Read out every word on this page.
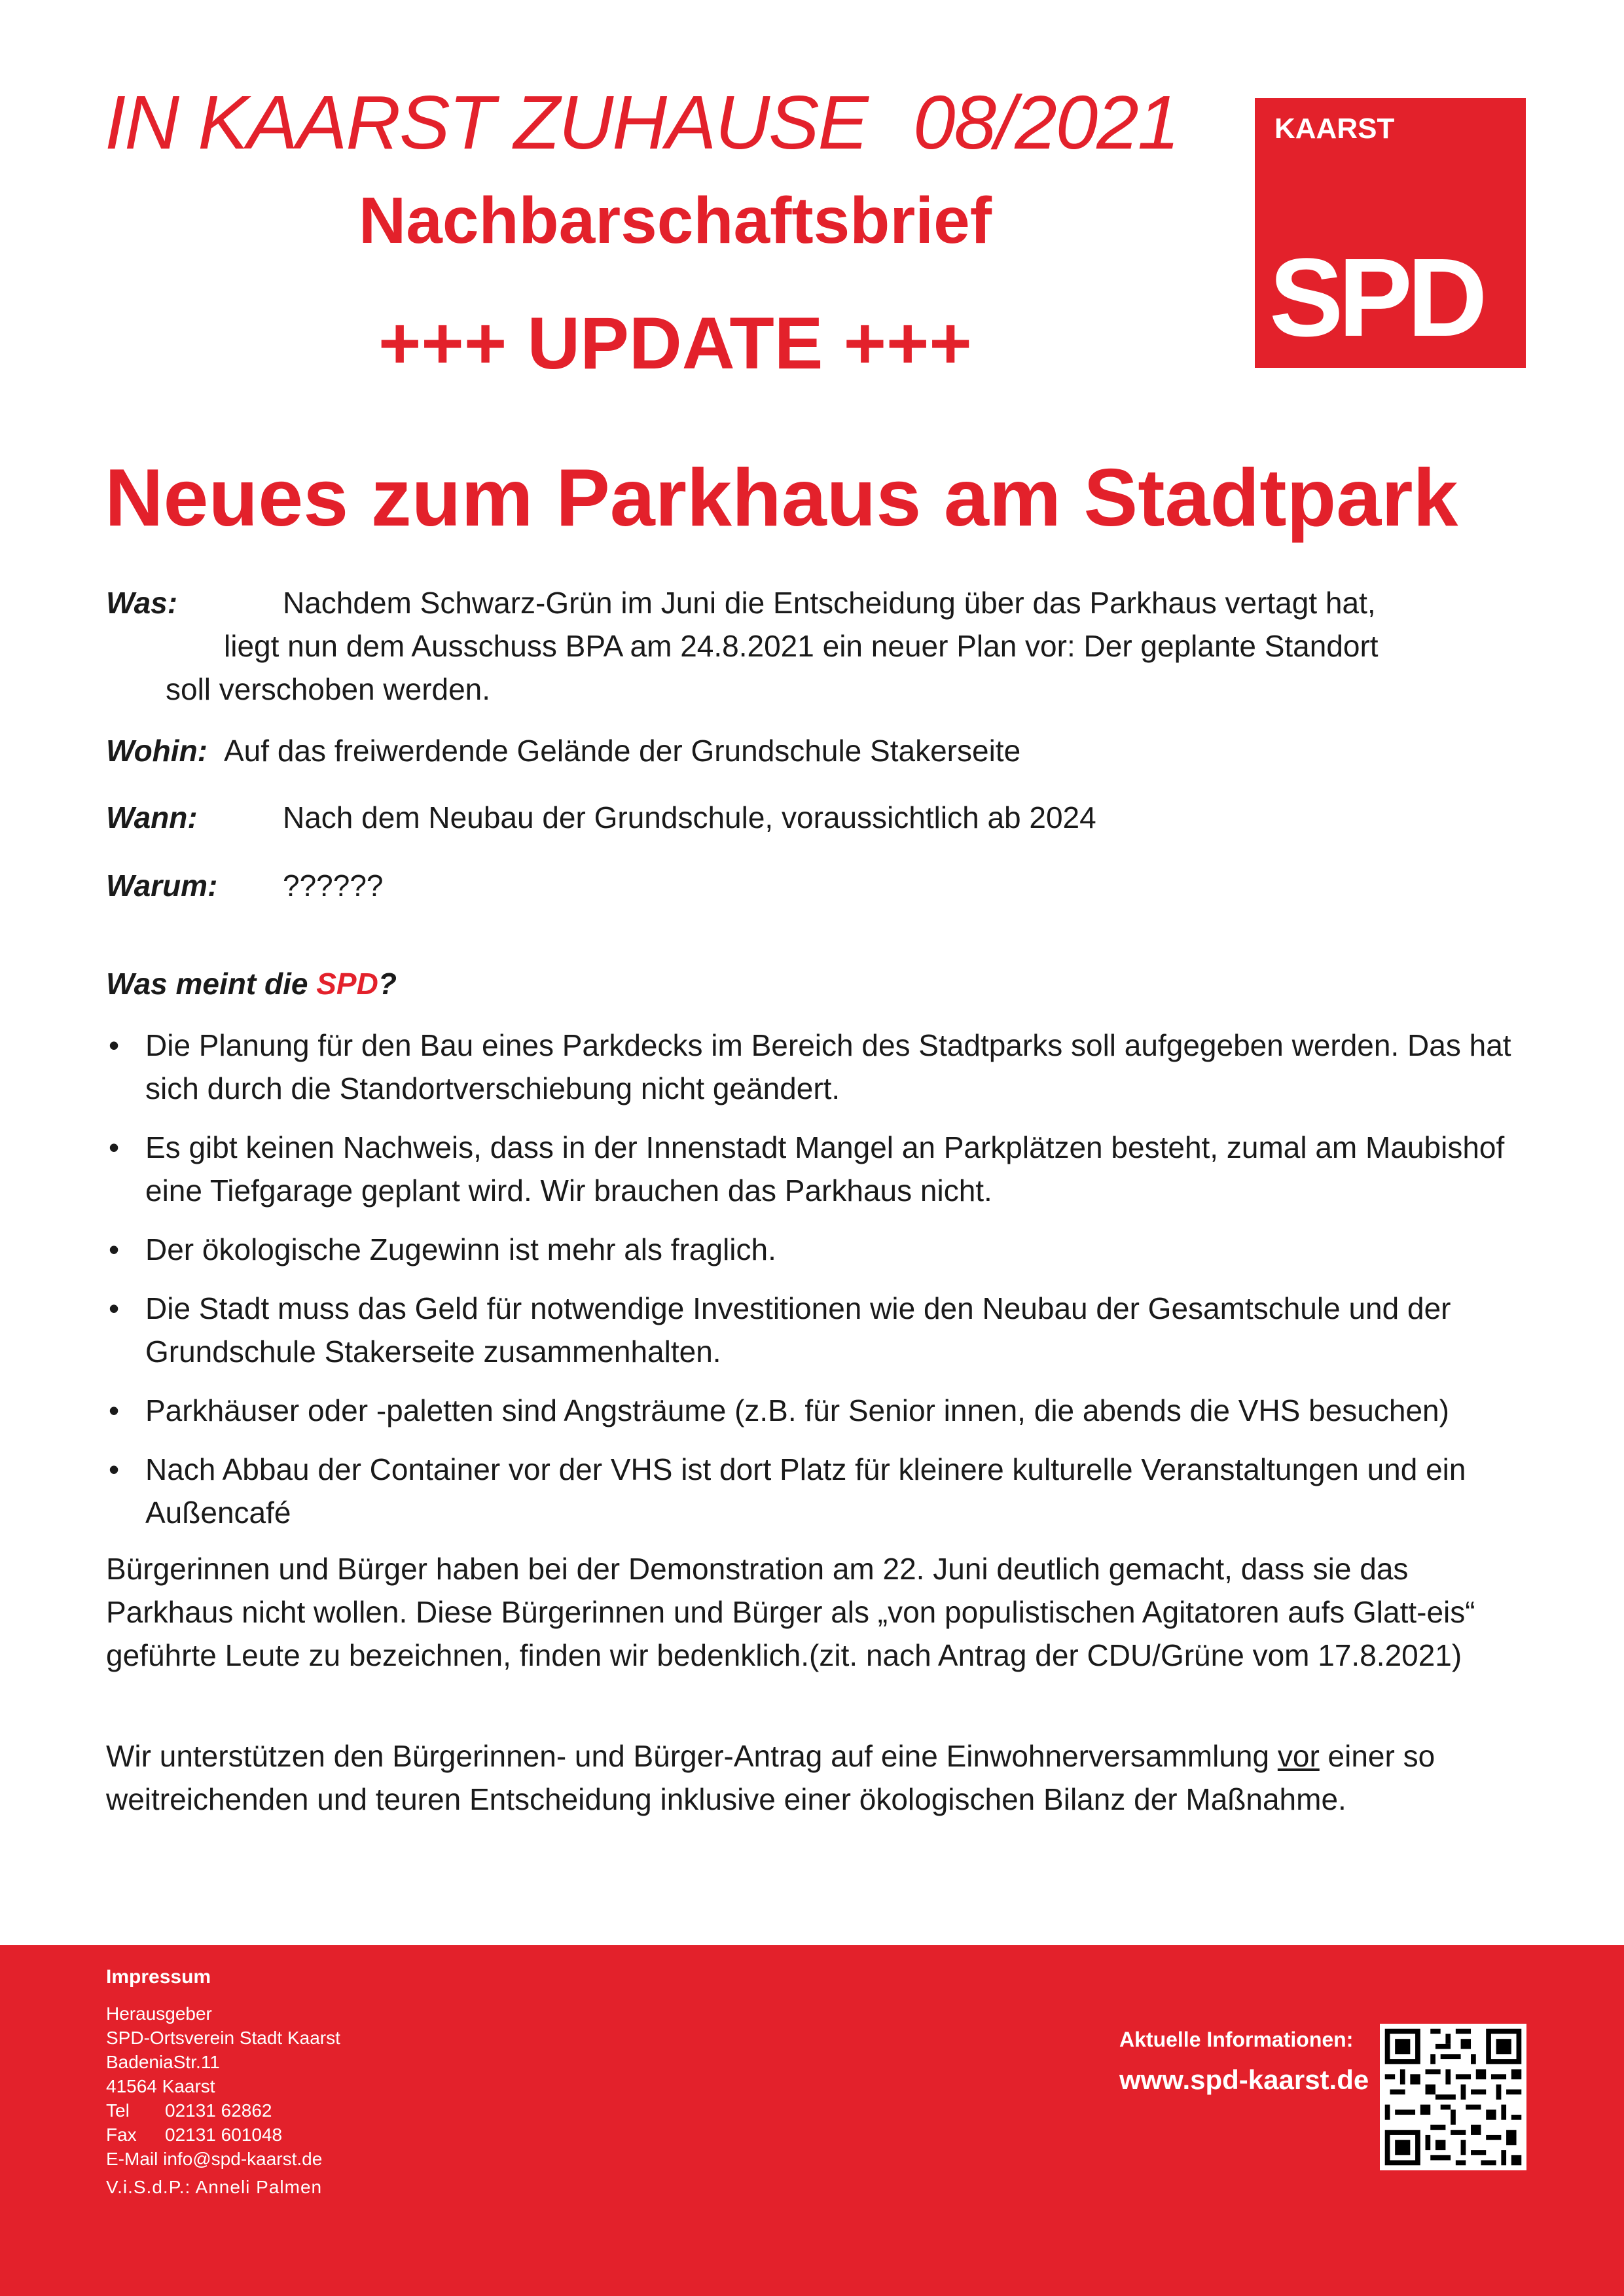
IN KAARST ZUHAUSE 08/2021
Nachbarschaftsbrief
+++ UPDATE +++
KAARST
SPD
Neues zum Parkhaus am Stadtpark
Was:	Nachdem Schwarz-Grün im Juni die Entscheidung über das Parkhaus vertagt hat,
liegt nun dem Ausschuss BPA am 24.8.2021 ein neuer Plan vor: Der geplante Standort
soll verschoben werden.
Wohin: Auf das freiwerdende Gelände der Grundschule Stakerseite
Wann:	Nach dem Neubau der Grundschule, voraussichtlich ab 2024
Warum: ??????
Was meint die SPD?
• Die Planung für den Bau eines Parkdecks im Bereich des Stadtparks soll aufgegeben werden. Das hat sich durch die Standortverschiebung nicht geändert.
• Es gibt keinen Nachweis, dass in der Innenstadt Mangel an Parkplätzen besteht, zumal am Maubishof eine Tiefgarage geplant wird. Wir brauchen das Parkhaus nicht.
• Der ökologische Zugewinn ist mehr als fraglich.
• Die Stadt muss das Geld für notwendige Investitionen wie den Neubau der Gesamtschule und der Grundschule Stakerseite zusammenhalten.
• Parkhäuser oder -paletten sind Angsträume (z.B. für Senior innen, die abends die VHS besuchen)
• Nach Abbau der Container vor der VHS ist dort Platz für kleinere kulturelle Veranstaltungen und ein Außencafé
Bürgerinnen und Bürger haben bei der Demonstration am 22. Juni deutlich gemacht, dass sie das Parkhaus nicht wollen. Diese Bürgerinnen und Bürger als „von populistischen Agitatoren aufs Glatt-eis“ geführte Leute zu bezeichnen, finden wir bedenklich.(zit. nach Antrag der CDU/Grüne vom 17.8.2021)
Wir unterstützen den Bürgerinnen- und Bürger-Antrag auf eine Einwohnerversammlung vor einer so weitreichenden und teuren Entscheidung inklusive einer ökologischen Bilanz der Maßnahme.
Impressum
Herausgeber
SPD-Ortsverein Stadt Kaarst
BadeniaStr.11
41564 Kaarst
Tel 02131 62862
Fax 02131 601048
E-Mail info@spd-kaarst.de
V.i.S.d.P.: Anneli Palmen
Aktuelle Informationen:
www.spd-kaarst.de
